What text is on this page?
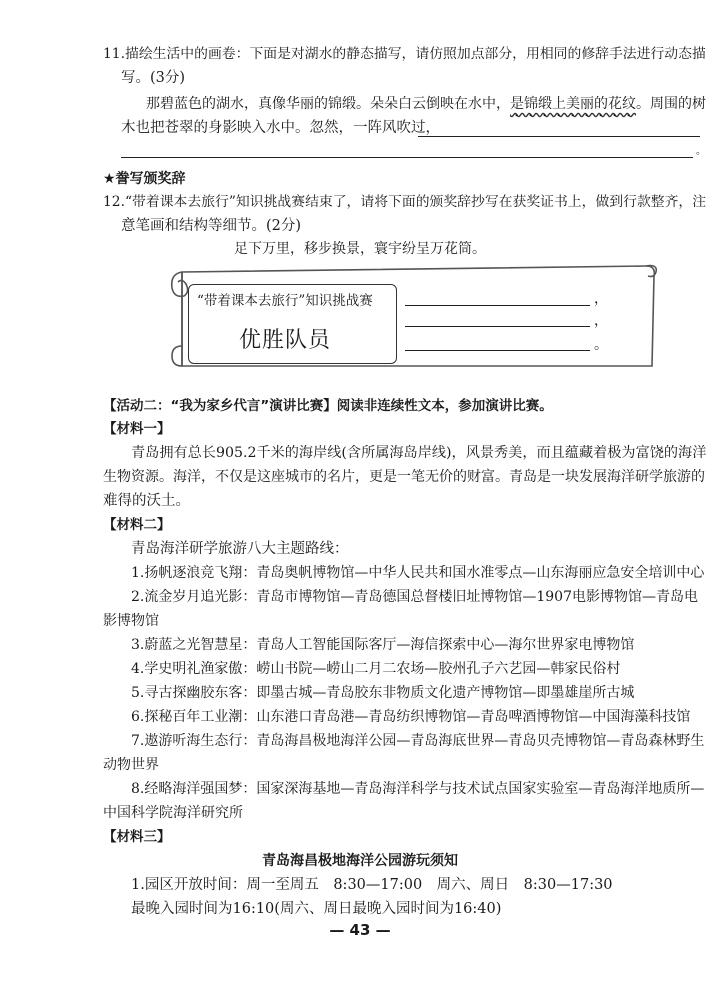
11.描绘生活中的画卷：下面是对湖水的静态描写，请仿照加点部分，用相同的修辞手法进行动态描
写。(3分)
那碧蓝色的湖水，真像华丽的锦缎。朵朵白云倒映在水中，是锦缎上美丽的花纹。周围的树
木也把苍翠的身影映入水中。忽然，一阵风吹过，
。
★誊写颁奖辞
12.“带着课本去旅行”知识挑战赛结束了，请将下面的颁奖辞抄写在获奖证书上，做到行款整齐，注
意笔画和结构等细节。(2分)
足下万里，移步换景，寰宇纷呈万花筒。
“带着课本去旅行”知识挑战赛
优胜队员
，
，
。
【活动二：“我为家乡代言”演讲比赛】阅读非连续性文本，参加演讲比赛。
【材料一】
青岛拥有总长905.2千米的海岸线(含所属海岛岸线)，风景秀美，而且蕴藏着极为富饶的海洋
生物资源。海洋，不仅是这座城市的名片，更是一笔无价的财富。青岛是一块发展海洋研学旅游的
难得的沃土。
【材料二】
青岛海洋研学旅游八大主题路线：
1.扬帆逐浪竞飞翔：青岛奥帆博物馆—中华人民共和国水准零点—山东海丽应急安全培训中心
2.流金岁月追光影：青岛市博物馆—青岛德国总督楼旧址博物馆—1907电影博物馆—青岛电
影博物馆
3.蔚蓝之光智慧星：青岛人工智能国际客厅—海信探索中心—海尔世界家电博物馆
4.学史明礼渔家傲：崂山书院—崂山二月二农场—胶州孔子六艺园—韩家民俗村
5.寻古探幽胶东客：即墨古城—青岛胶东非物质文化遗产博物馆—即墨雄崖所古城
6.探秘百年工业潮：山东港口青岛港—青岛纺织博物馆—青岛啤酒博物馆—中国海藻科技馆
7.遨游听海生态行：青岛海昌极地海洋公园—青岛海底世界—青岛贝壳博物馆—青岛森林野生
动物世界
8.经略海洋强国梦：国家深海基地—青岛海洋科学与技术试点国家实验室—青岛海洋地质所—
中国科学院海洋研究所
【材料三】
青岛海昌极地海洋公园游玩须知
1.园区开放时间：周一至周五　8:30—17:00　周六、周日　8:30—17:30
最晚入园时间为16:10(周六、周日最晚入园时间为16:40)
— 43 —
